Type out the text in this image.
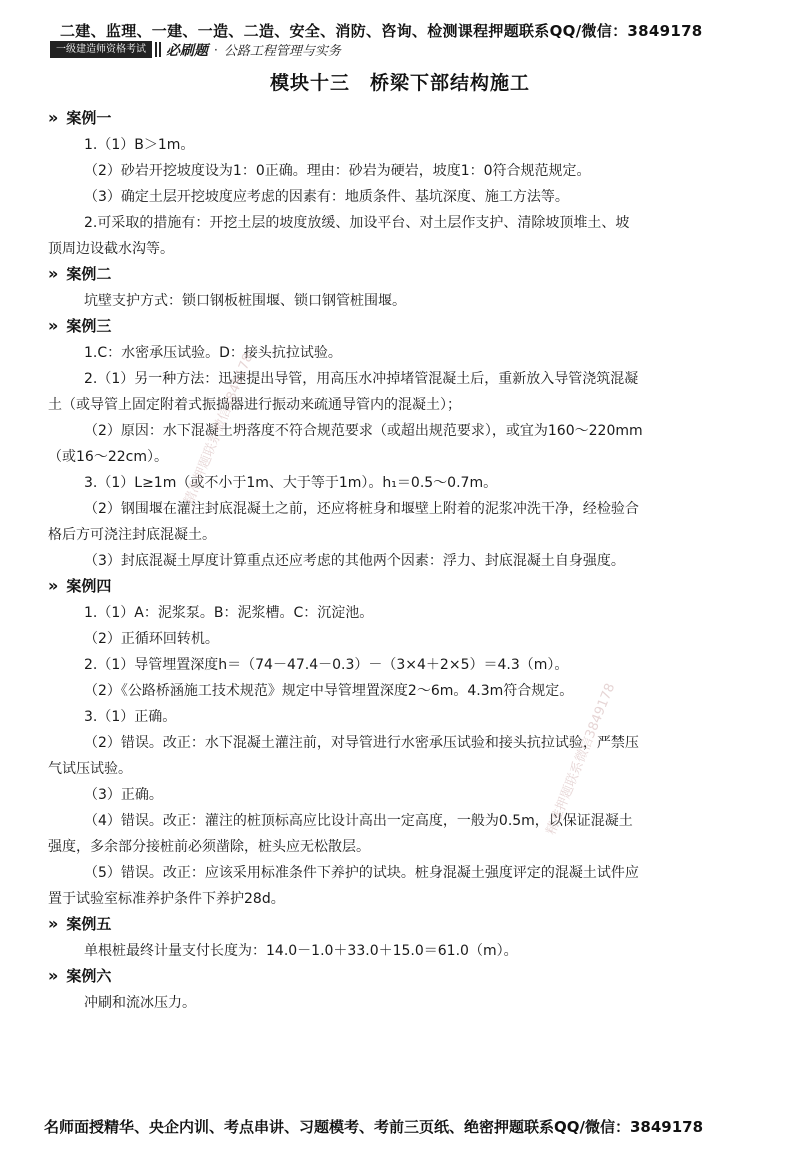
二建、监理、一建、一造、二造、安全、消防、咨询、检测课程押题联系QQ/微信：3849178
一级建造师资格考试	必刷题 · 公路工程管理与实务
模块十三　桥梁下部结构施工
» 案例一
1.（1）B＞1m。
（2）砂岩开挖坡度设为1：0正确。理由：砂岩为硬岩，坡度1：0符合规范规定。
（3）确定土层开挖坡度应考虑的因素有：地质条件、基坑深度、施工方法等。
2.可采取的措施有：开挖土层的坡度放缓、加设平台、对土层作支护、清除坡顶堆土、坡
顶周边设截水沟等。
» 案例二
坑壁支护方式：锁口钢板桩围堰、锁口钢管桩围堰。
» 案例三
1.C：水密承压试验。D：接头抗拉试验。
2.（1）另一种方法：迅速提出导管，用高压水冲掉堵管混凝土后，重新放入导管浇筑混凝
土（或导管上固定附着式振捣器进行振动来疏通导管内的混凝土）；
（2）原因：水下混凝土坍落度不符合规范要求（或超出规范要求），或宜为160～220mm
（或16～22cm）。
3.（1）L≥1m（或不小于1m、大于等于1m）。h₁＝0.5～0.7m。
（2）钢围堰在灌注封底混凝土之前，还应将桩身和堰壁上附着的泥浆冲洗干净，经检验合
格后方可浇注封底混凝土。
（3）封底混凝土厚度计算重点还应考虑的其他两个因素：浮力、封底混凝土自身强度。
» 案例四
1.（1）A：泥浆泵。B：泥浆槽。C：沉淀池。
（2）正循环回转机。
2.（1）导管埋置深度h＝（74－47.4－0.3）－（3×4＋2×5）＝4.3（m）。
（2）《公路桥涵施工技术规范》规定中导管埋置深度2～6m。4.3m符合规定。
3.（1）正确。
（2）错误。改正：水下混凝土灌注前，对导管进行水密承压试验和接头抗拉试验，严禁压
气试压试验。
（3）正确。
（4）错误。改正：灌注的桩顶标高应比设计高出一定高度，一般为0.5m，以保证混凝土
强度，多余部分接桩前必须凿除，桩头应无松散层。
（5）错误。改正：应该采用标准条件下养护的试块。桩身混凝土强度评定的混凝土试件应
置于试验室标准养护条件下养护28d。
» 案例五
单根桩最终计量支付长度为：14.0－1.0＋33.0＋15.0＝61.0（m）。
» 案例六
冲刷和流冰压力。
精准押题联系微信3849178
精准押题联系微信3849178
名师面授精华、央企内训、考点串讲、习题模考、考前三页纸、绝密押题联系QQ/微信：3849178
